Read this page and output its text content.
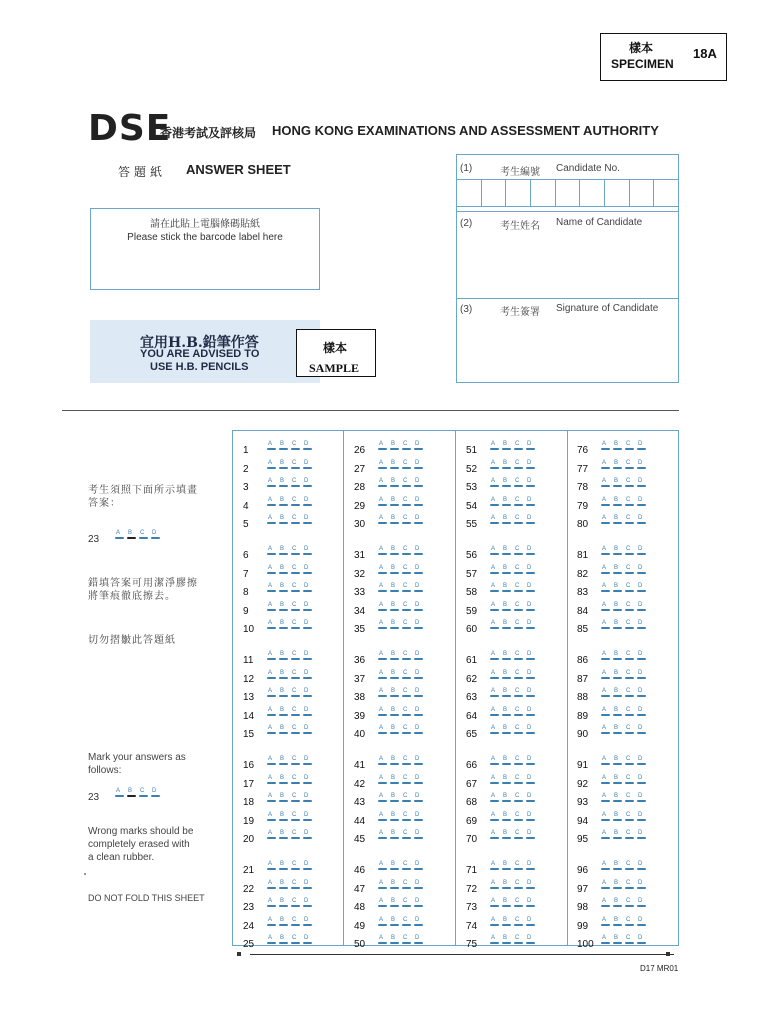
樣本
SPECIMEN
18A
DSE
香港考試及評核局 HONG KONG EXAMINATIONS AND ASSESSMENT AUTHORITY
答題紙 ANSWER SHEET
請在此貼上電腦條碼貼紙
Please stick the barcode label here
宜用H.B.鉛筆作答
YOU ARE ADVISED TO
USE H.B. PENCILS
樣本
SAMPLE
(1)	考生編號 Candidate No.
(2)	考生姓名 Name of Candidate
(3)	考生簽署 Signature of Candidate
考生須照下面所示填畫
答案：
23
A B C D
錯填答案可用潔淨膠擦
將筆痕徹底擦去。
切勿摺皺此答題紙
Mark your answers as
follows:
23
A B C D
Wrong marks should be
completely erased with
a clean rubber.
DO NOT FOLD THIS SHEET
1
A B C D
2
A B C D
3
A B C D
4
A B C D
5
A B C D
6
A B C D
7
A B C D
8
A B C D
9
A B C D
10
A B C D
11
A B C D
12
A B C D
13
A B C D
14
A B C D
15
A B C D
16
A B C D
17
A B C D
18
A B C D
19
A B C D
20
A B C D
21
A B C D
22
A B C D
23
A B C D
24
A B C D
25
A B C D
26
A B C D
27
A B C D
28
A B C D
29
A B C D
30
A B C D
31
A B C D
32
A B C D
33
A B C D
34
A B C D
35
A B C D
36
A B C D
37
A B C D
38
A B C D
39
A B C D
40
A B C D
41
A B C D
42
A B C D
43
A B C D
44
A B C D
45
A B C D
46
A B C D
47
A B C D
48
A B C D
49
A B C D
50
A B C D
51
A B C D
52
A B C D
53
A B C D
54
A B C D
55
A B C D
56
A B C D
57
A B C D
58
A B C D
59
A B C D
60
A B C D
61
A B C D
62
A B C D
63
A B C D
64
A B C D
65
A B C D
66
A B C D
67
A B C D
68
A B C D
69
A B C D
70
A B C D
71
A B C D
72
A B C D
73
A B C D
74
A B C D
75
A B C D
76
A B C D
77
A B C D
78
A B C D
79
A B C D
80
A B C D
81
A B C D
82
A B C D
83
A B C D
84
A B C D
85
A B C D
86
A B C D
87
A B C D
88
A B C D
89
A B C D
90
A B C D
91
A B C D
92
A B C D
93
A B C D
94
A B C D
95
A B C D
96
A B C D
97
A B C D
98
A B C D
99
A B C D
100
A B C D
D17 MR01
